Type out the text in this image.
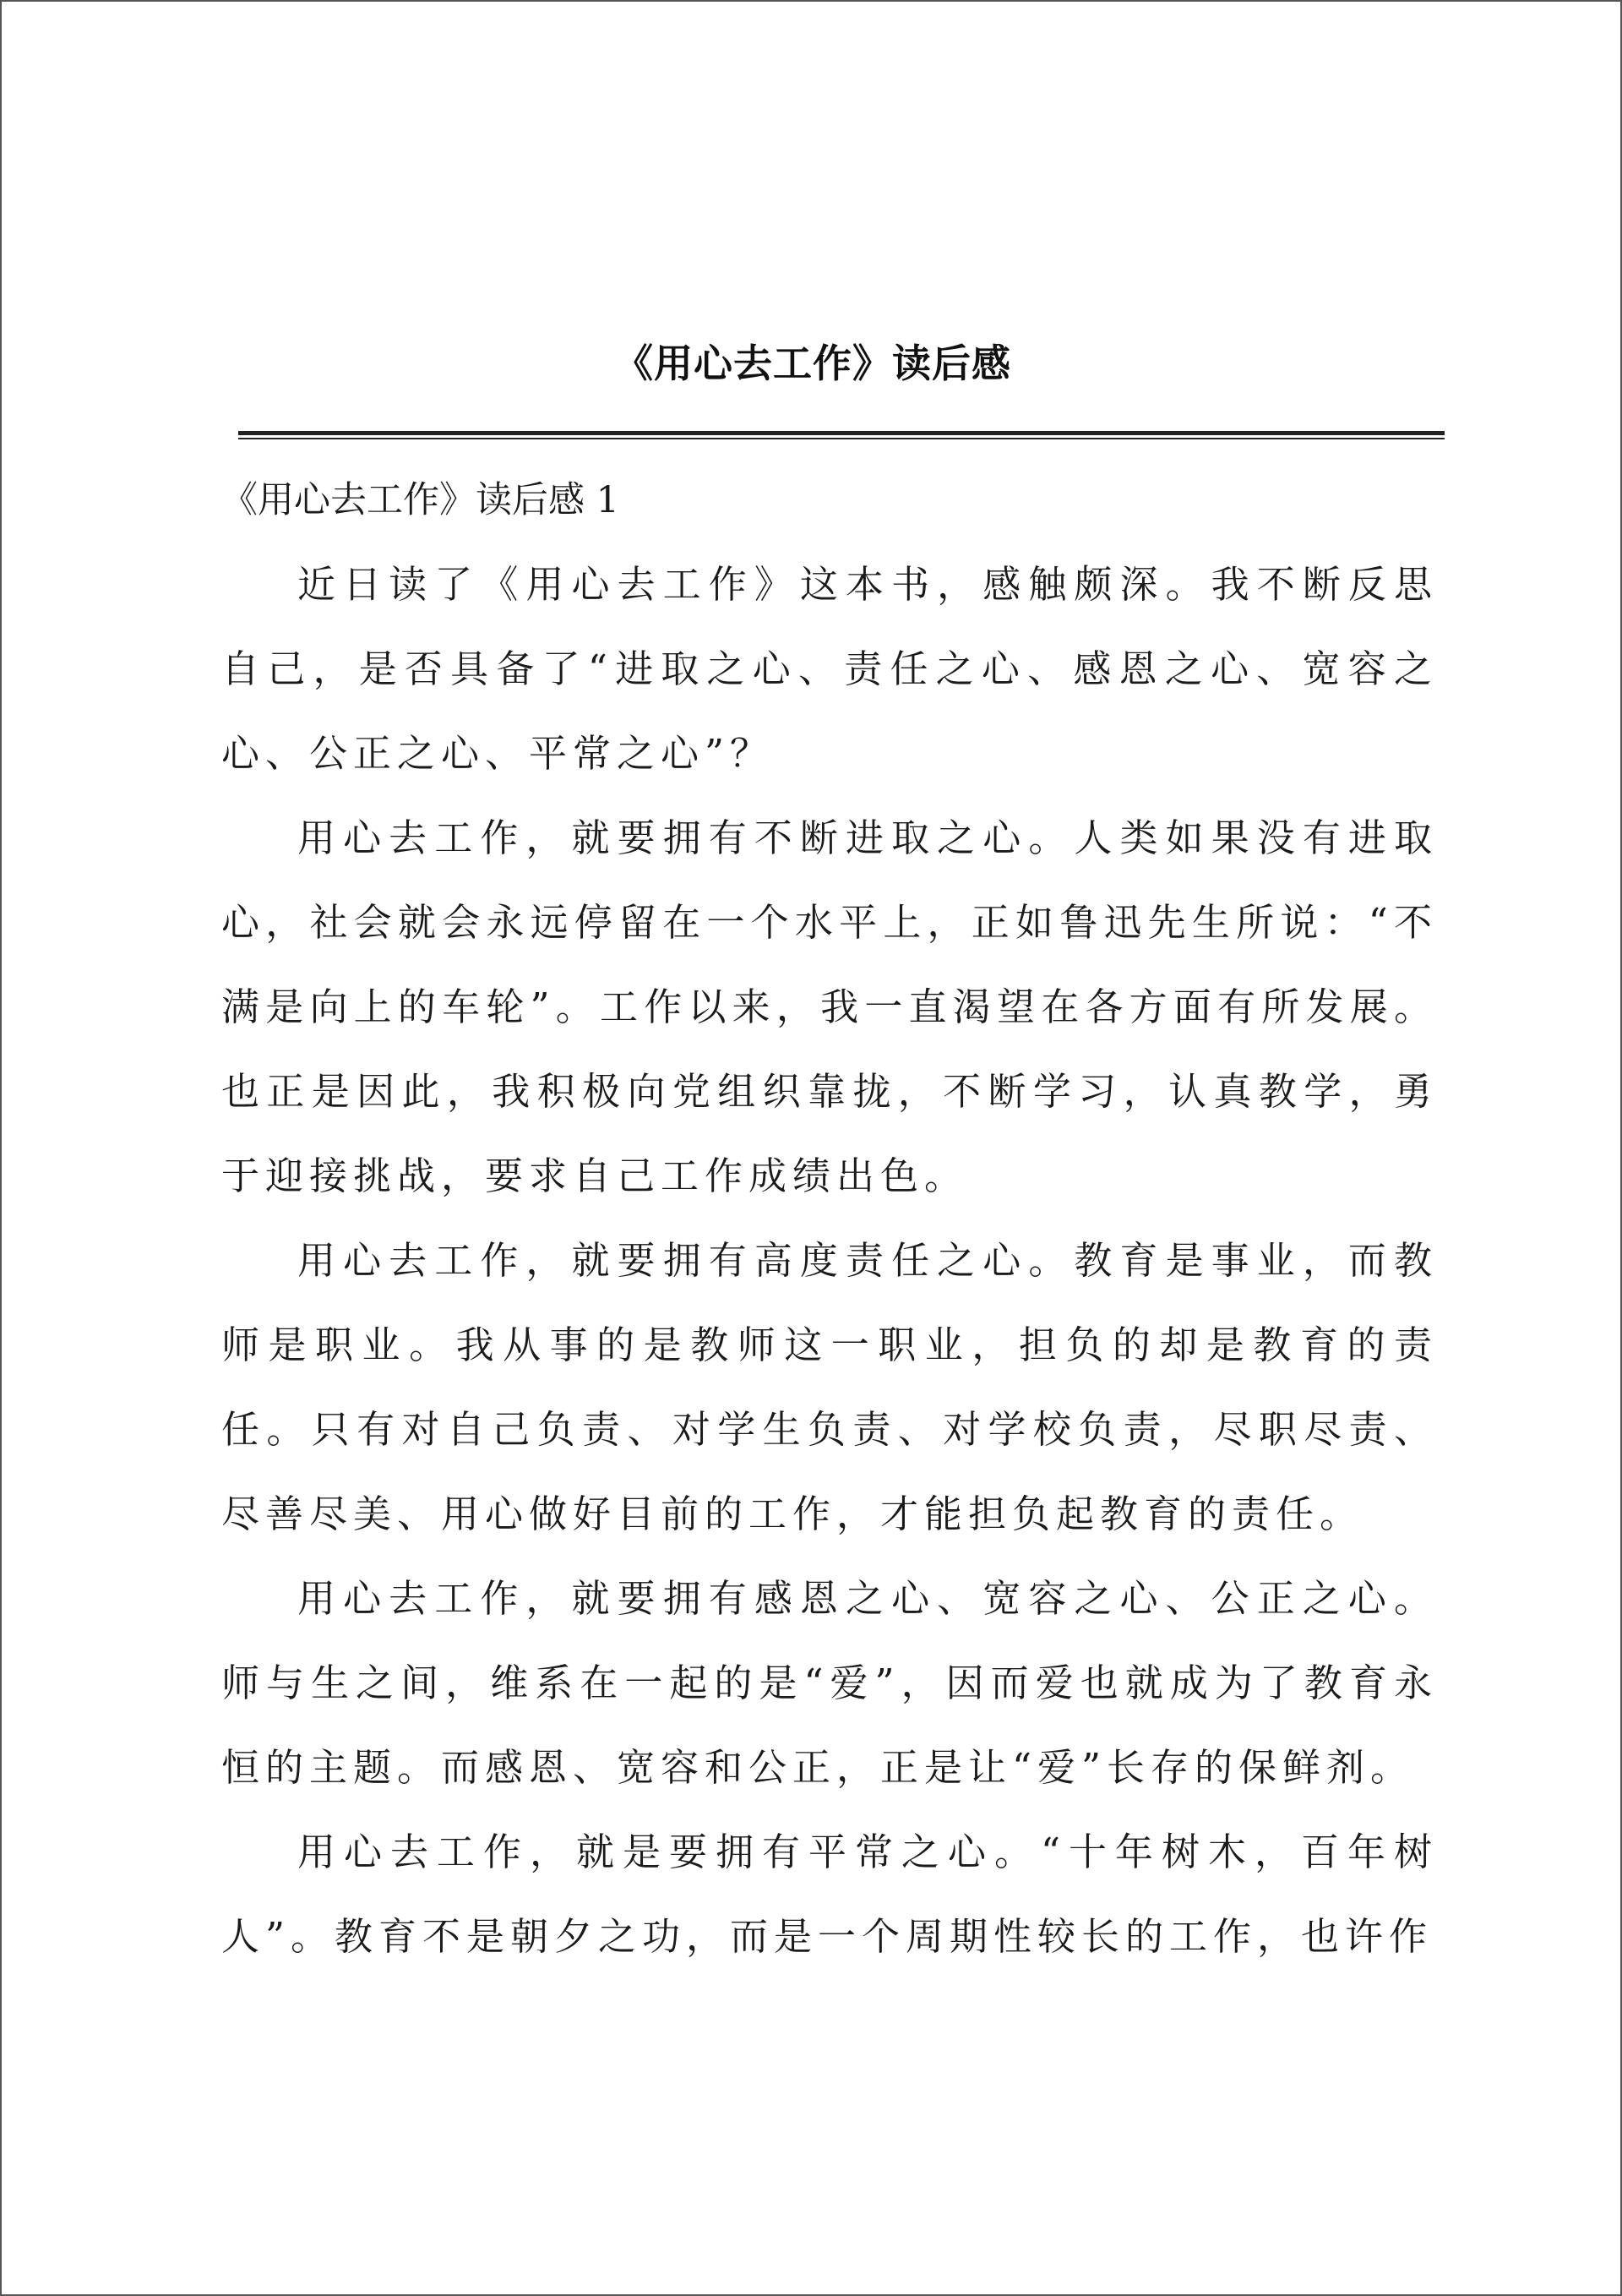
《用心去工作》读后感

《用心去工作》读后感 1

近日读了《用心去工作》这本书，感触颇深。我不断反思自己，是否具备了“进取之心、责任之心、感恩之心、宽容之心、公正之心、平常之心”？

用心去工作，就要拥有不断进取之心。人类如果没有进取心，社会就会永远停留在一个水平上，正如鲁迅先生所说：“不满是向上的车轮”。工作以来，我一直渴望在各方面有所发展。也正是因此，我积极向党组织靠拢，不断学习，认真教学，勇于迎接挑战，要求自己工作成绩出色。

用心去工作，就要拥有高度责任之心。教育是事业，而教师是职业。我从事的是教师这一职业，担负的却是教育的责任。只有对自己负责、对学生负责、对学校负责，尽职尽责、尽善尽美、用心做好目前的工作，才能担负起教育的责任。

用心去工作，就要拥有感恩之心、宽容之心、公正之心。师与生之间，维系在一起的是“爱”，因而爱也就成为了教育永恒的主题。而感恩、宽容和公正，正是让“爱”长存的保鲜剂。

用心去工作，就是要拥有平常之心。“十年树木，百年树人”。教育不是朝夕之功，而是一个周期性较长的工作，也许作
